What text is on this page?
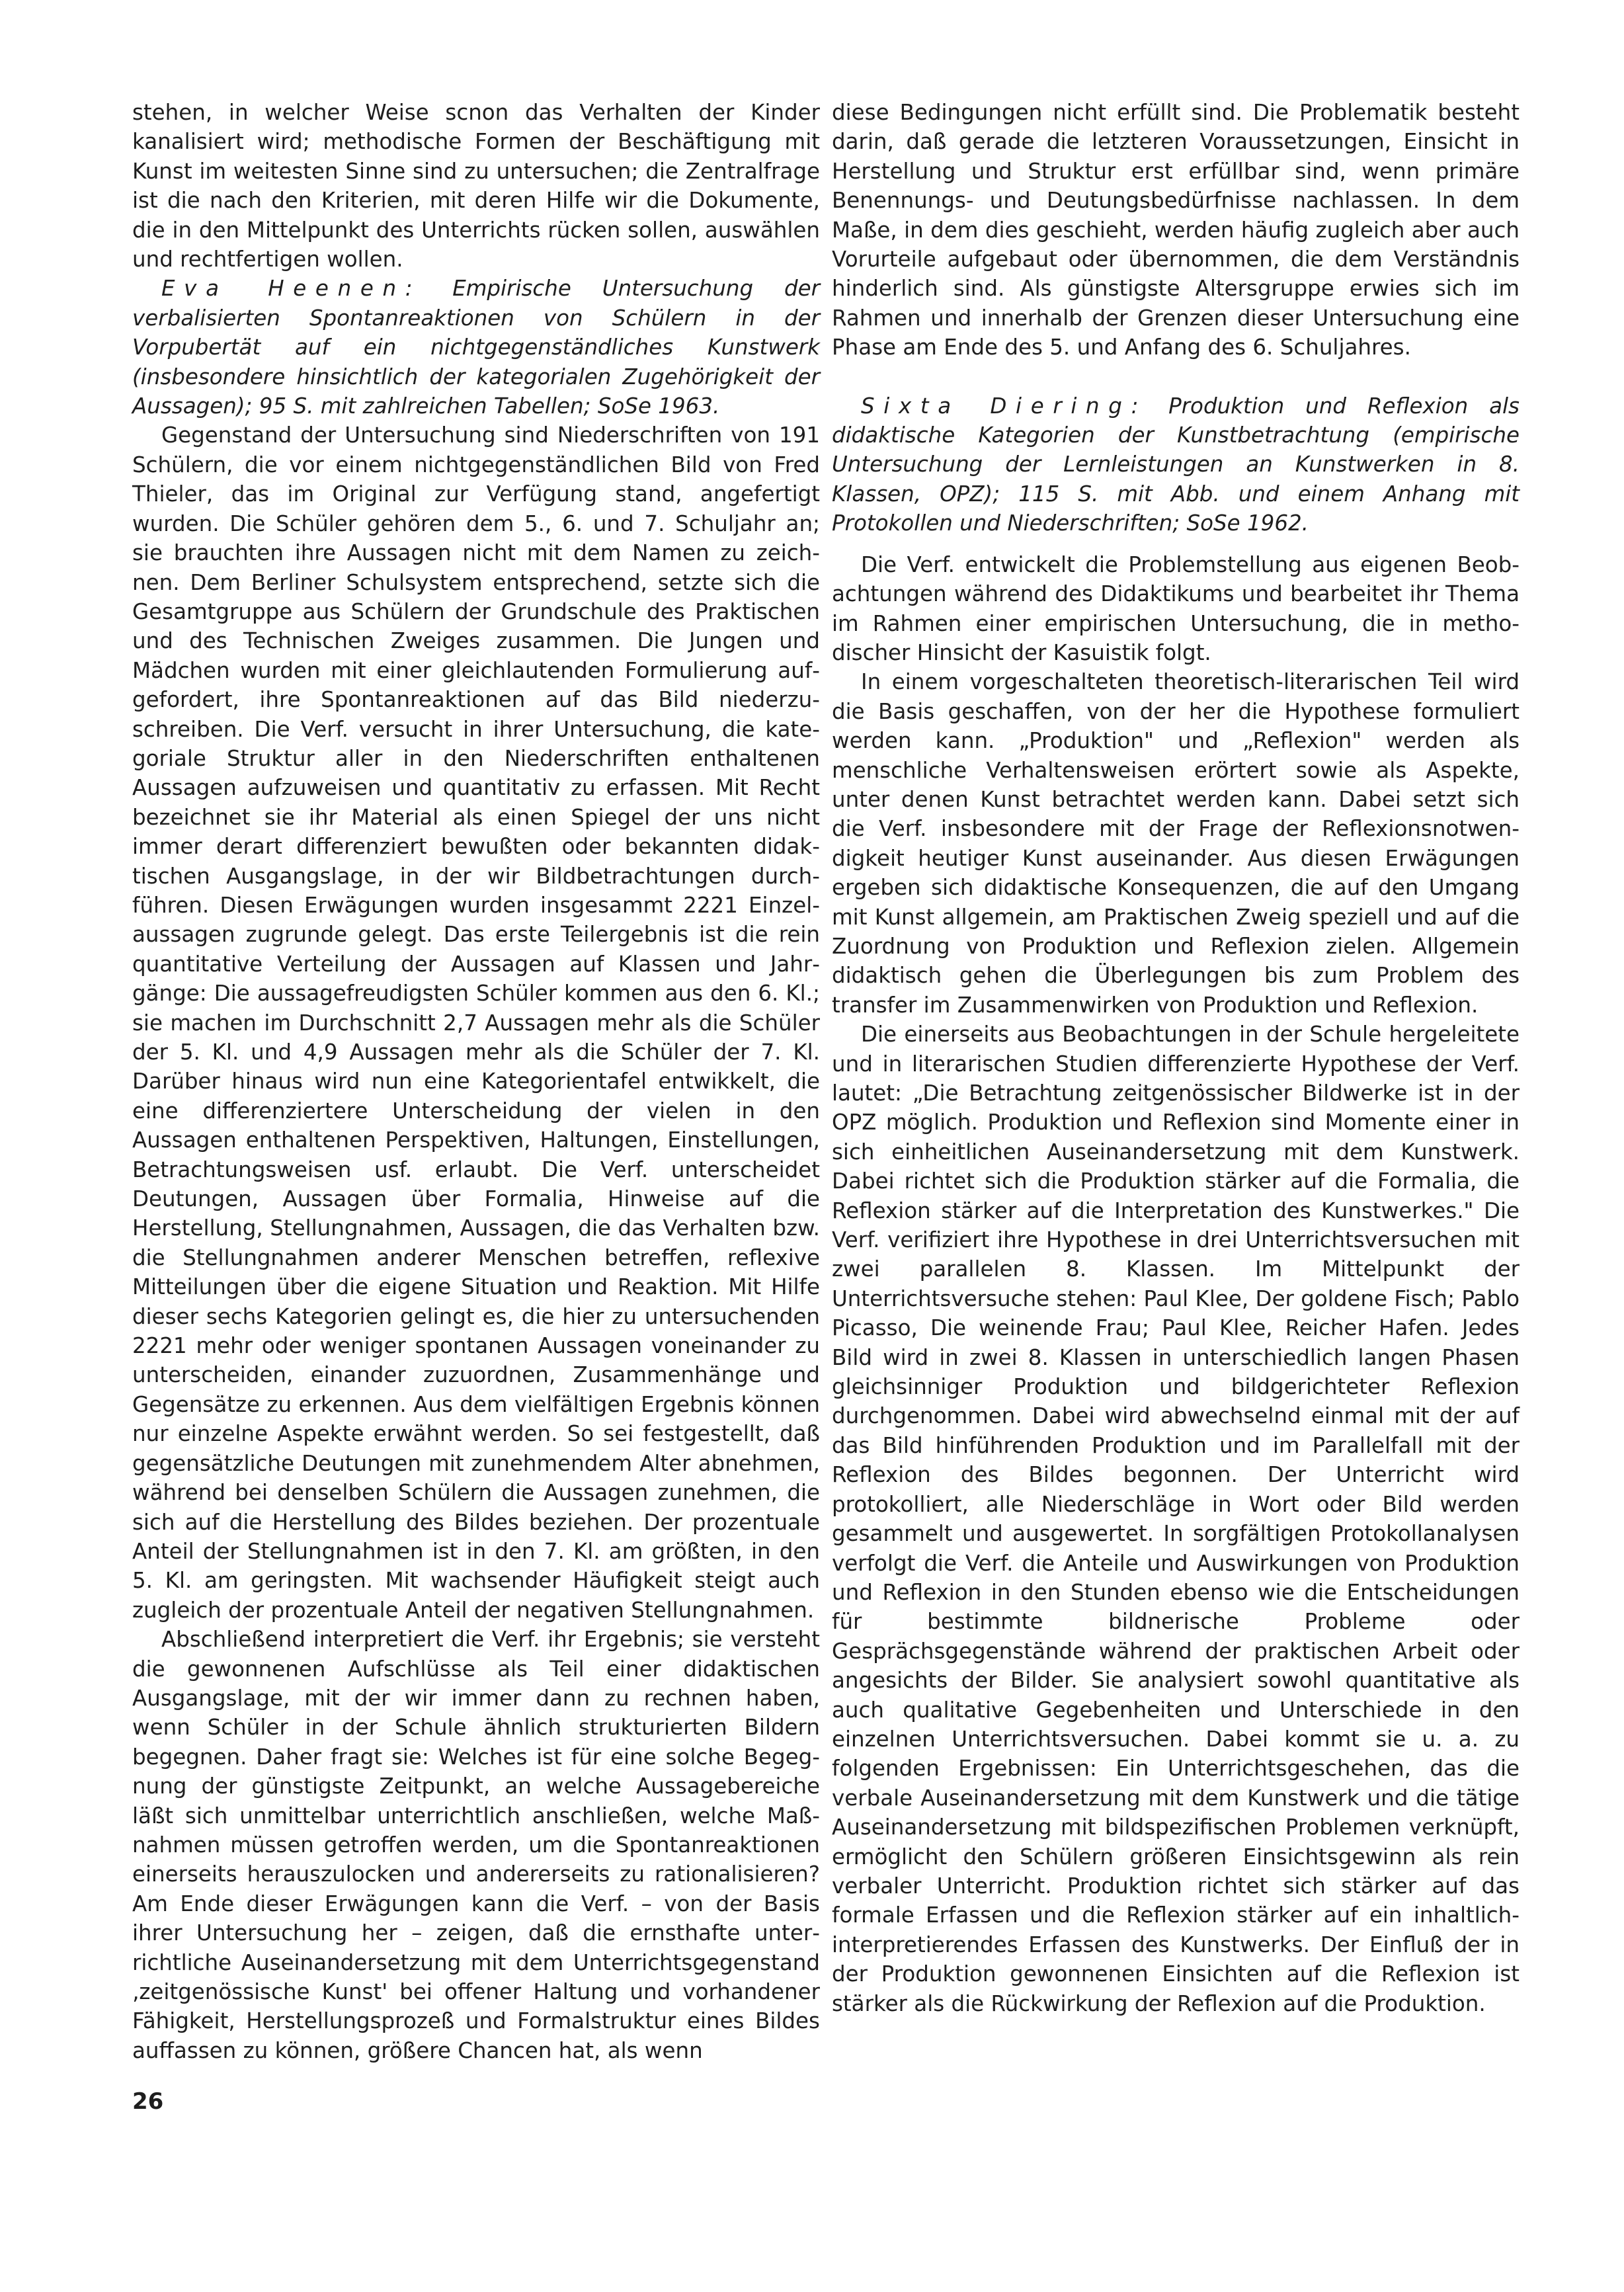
stehen, in welcher Weise scnon das Verhalten der Kinder kanalisiert wird; methodische Formen der Beschäftigung mit Kunst im weitesten Sinne sind zu untersuchen; die Zentralfrage ist die nach den Kriterien, mit deren Hilfe wir die Dokumente, die in den Mittelpunkt des Unterrichts rücken sollen, auswählen und rechtfertigen wollen.

Eva Heenen: Empirische Untersuchung der verbalisierten Spontanreaktionen von Schülern in der Vorpubertät auf ein nichtgegenständliches Kunstwerk (insbesondere hinsichtlich der kategorialen Zugehörigkeit der Aussagen); 95 S. mit zahlreichen Tabellen; SoSe 1963.

Gegenstand der Untersuchung sind Niederschriften von 191 Schülern, die vor einem nichtgegenständlichen Bild von Fred Thieler, das im Original zur Verfügung stand, angefertigt wurden. Die Schüler gehören dem 5., 6. und 7. Schuljahr an; sie brauchten ihre Aussagen nicht mit dem Namen zu zeichnen. Dem Berliner Schulsystem entsprechend, setzte sich die Gesamtgruppe aus Schülern der Grundschule des Praktischen und des Technischen Zweiges zusammen. Die Jungen und Mädchen wurden mit einer gleichlautenden Formulierung aufgefordert, ihre Spontanreaktionen auf das Bild niederzuschreiben. Die Verf. versucht in ihrer Untersuchung, die kategoriale Struktur aller in den Niederschriften enthaltenen Aussagen aufzuweisen und quantitativ zu erfassen. Mit Recht bezeichnet sie ihr Material als einen Spiegel der uns nicht immer derart differenziert bewußten oder bekannten didaktischen Ausgangslage, in der wir Bildbetrachtungen durchführen. Diesen Erwägungen wurden insgesammt 2221 Einzelaussagen zugrunde gelegt. Das erste Teilergebnis ist die rein quantitative Verteilung der Aussagen auf Klassen und Jahrgänge: Die aussagefreudigsten Schüler kommen aus den 6. Kl.; sie machen im Durchschnitt 2,7 Aussagen mehr als die Schüler der 5. Kl. und 4,9 Aussagen mehr als die Schüler der 7. Kl. Darüber hinaus wird nun eine Kategorientafel entwikkelt, die eine differenziertere Unterscheidung der vielen in den Aussagen enthaltenen Perspektiven, Haltungen, Einstellungen, Betrachtungsweisen usf. erlaubt. Die Verf. unterscheidet Deutungen, Aussagen über Formalia, Hinweise auf die Herstellung, Stellungnahmen, Aussagen, die das Verhalten bzw. die Stellungnahmen anderer Menschen betreffen, reflexive Mitteilungen über die eigene Situation und Reaktion. Mit Hilfe dieser sechs Kategorien gelingt es, die hier zu untersuchenden 2221 mehr oder weniger spontanen Aussagen voneinander zu unterscheiden, einander zuzuordnen, Zusammenhänge und Gegensätze zu erkennen. Aus dem vielfältigen Ergebnis können nur einzelne Aspekte erwähnt werden. So sei festgestellt, daß gegensätzliche Deutungen mit zunehmendem Alter abnehmen, während bei denselben Schülern die Aussagen zunehmen, die sich auf die Herstellung des Bildes beziehen. Der prozentuale Anteil der Stellungnahmen ist in den 7. Kl. am größten, in den 5. Kl. am geringsten. Mit wachsender Häufigkeit steigt auch zugleich der prozentuale Anteil der negativen Stellungnahmen.

Abschließend interpretiert die Verf. ihr Ergebnis; sie versteht die gewonnenen Aufschlüsse als Teil einer didaktischen Ausgangslage, mit der wir immer dann zu rechnen haben, wenn Schüler in der Schule ähnlich strukturierten Bildern begegnen. Daher fragt sie: Welches ist für eine solche Begegnung der günstigste Zeitpunkt, an welche Aussagebereiche läßt sich unmittelbar unterrichtlich anschließen, welche Maßnahmen müssen getroffen werden, um die Spontanreaktionen einerseits herauszulocken und andererseits zu rationalisieren? Am Ende dieser Erwägungen kann die Verf. – von der Basis ihrer Untersuchung her – zeigen, daß die ernsthafte unterrichtliche Auseinandersetzung mit dem Unterrichtsgegenstand ‚zeitgenössische Kunst' bei offener Haltung und vorhandener Fähigkeit, Herstellungsprozeß und Formalstruktur eines Bildes auffassen zu können, größere Chancen hat, als wenn

diese Bedingungen nicht erfüllt sind. Die Problematik besteht darin, daß gerade die letzteren Voraussetzungen, Einsicht in Herstellung und Struktur erst erfüllbar sind, wenn primäre Benennungs- und Deutungsbedürfnisse nachlassen. In dem Maße, in dem dies geschieht, werden häufig zugleich aber auch Vorurteile aufgebaut oder übernommen, die dem Verständnis hinderlich sind. Als günstigste Altersgruppe erwies sich im Rahmen und innerhalb der Grenzen dieser Untersuchung eine Phase am Ende des 5. und Anfang des 6. Schuljahres.

Sixta Diering: Produktion und Reflexion als didaktische Kategorien der Kunstbetrachtung (empirische Untersuchung der Lernleistungen an Kunstwerken in 8. Klassen, OPZ); 115 S. mit Abb. und einem Anhang mit Protokollen und Niederschriften; SoSe 1962.

Die Verf. entwickelt die Problemstellung aus eigenen Beobachtungen während des Didaktikums und bearbeitet ihr Thema im Rahmen einer empirischen Untersuchung, die in methodischer Hinsicht der Kasuistik folgt.

In einem vorgeschalteten theoretisch-literarischen Teil wird die Basis geschaffen, von der her die Hypothese formuliert werden kann. „Produktion" und „Reflexion" werden als menschliche Verhaltensweisen erörtert sowie als Aspekte, unter denen Kunst betrachtet werden kann. Dabei setzt sich die Verf. insbesondere mit der Frage der Reflexionsnotwendigkeit heutiger Kunst auseinander. Aus diesen Erwägungen ergeben sich didaktische Konsequenzen, die auf den Umgang mit Kunst allgemein, am Praktischen Zweig speziell und auf die Zuordnung von Produktion und Reflexion zielen. Allgemein didaktisch gehen die Überlegungen bis zum Problem des transfer im Zusammenwirken von Produktion und Reflexion.

Die einerseits aus Beobachtungen in der Schule hergeleitete und in literarischen Studien differenzierte Hypothese der Verf. lautet: „Die Betrachtung zeitgenössischer Bildwerke ist in der OPZ möglich. Produktion und Reflexion sind Momente einer in sich einheitlichen Auseinandersetzung mit dem Kunstwerk. Dabei richtet sich die Produktion stärker auf die Formalia, die Reflexion stärker auf die Interpretation des Kunstwerkes." Die Verf. verifiziert ihre Hypothese in drei Unterrichtsversuchen mit zwei parallelen 8. Klassen. Im Mittelpunkt der Unterrichtsversuche stehen: Paul Klee, Der goldene Fisch; Pablo Picasso, Die weinende Frau; Paul Klee, Reicher Hafen. Jedes Bild wird in zwei 8. Klassen in unterschiedlich langen Phasen gleichsinniger Produktion und bildgerichteter Reflexion durchgenommen. Dabei wird abwechselnd einmal mit der auf das Bild hinführenden Produktion und im Parallelfall mit der Reflexion des Bildes begonnen. Der Unterricht wird protokolliert, alle Niederschläge in Wort oder Bild werden gesammelt und ausgewertet. In sorgfältigen Protokollanalysen verfolgt die Verf. die Anteile und Auswirkungen von Produktion und Reflexion in den Stunden ebenso wie die Entscheidungen für bestimmte bildnerische Probleme oder Gesprächsgegenstände während der praktischen Arbeit oder angesichts der Bilder. Sie analysiert sowohl quantitative als auch qualitative Gegebenheiten und Unterschiede in den einzelnen Unterrichtsversuchen. Dabei kommt sie u. a. zu folgenden Ergebnissen: Ein Unterrichtsgeschehen, das die verbale Auseinandersetzung mit dem Kunstwerk und die tätige Auseinandersetzung mit bildspezifischen Problemen verknüpft, ermöglicht den Schülern größeren Einsichtsgewinn als rein verbaler Unterricht. Produktion richtet sich stärker auf das formale Erfassen und die Reflexion stärker auf ein inhaltlich-interpretierendes Erfassen des Kunstwerks. Der Einfluß der in der Produktion gewonnenen Einsichten auf die Reflexion ist stärker als die Rückwirkung der Reflexion auf die Produktion.

26
